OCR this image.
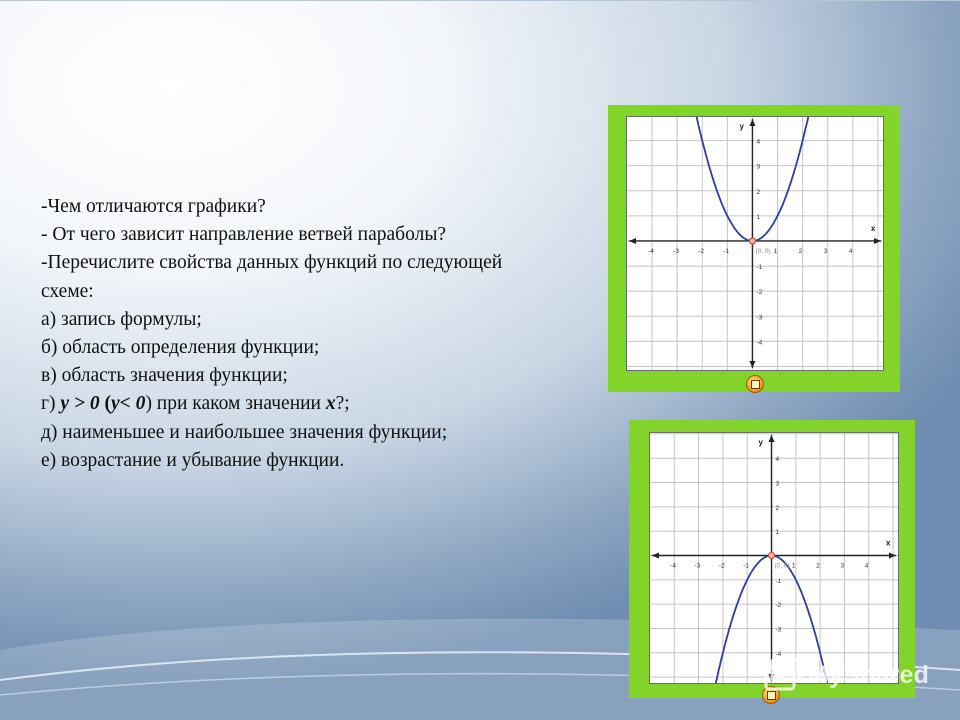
-Чем отличаются графики?

- От чего зависит направление ветвей параболы?

-Перечислите свойства данных функций по следующей схеме:

а) запись формулы;

б) область определения функции;

в) область значения функции;

г) y > 0 (y< 0) при каком значении x?;

д) наименьшее и наибольшее значения функции;

е) возрастание и убывание функции.

x
y
-4	-3	-2	-1	1	2	3	4
4
3
2
1
-1
-2
-3
-4
(0, 0)
x
y
-4	-3	-2	-1	1	2	3	4
4
3
2
1
-1
-2
-3
-4
(0, 0)
MyShared
